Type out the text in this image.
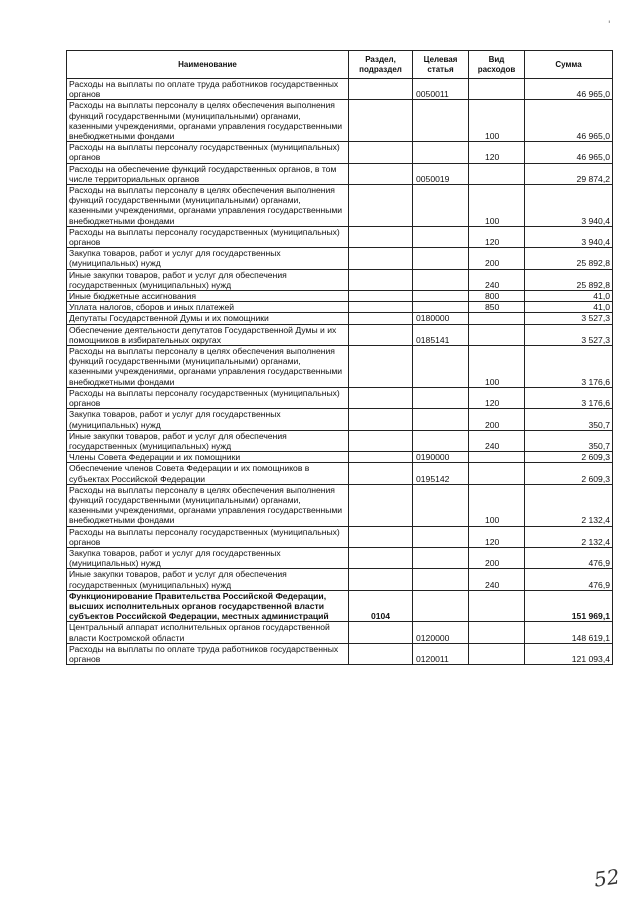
Наименование	Раздел, подраздел	Целевая статья	Вид расходов	Сумма
Расходы на выплаты по оплате труда работников государственных органов		0050011		46 965,0
Расходы на выплаты персоналу в целях обеспечения выполнения функций государственными (муниципальными) органами, казенными учреждениями, органами управления государственными внебюджетными фондами			100	46 965,0
Расходы на выплаты персоналу государственных (муниципальных) органов			120	46 965,0
Расходы на обеспечение функций государственных органов, в том числе территориальных органов		0050019		29 874,2
Расходы на выплаты персоналу в целях обеспечения выполнения функций государственными (муниципальными) органами, казенными учреждениями, органами управления государственными внебюджетными фондами			100	3 940,4
Расходы на выплаты персоналу государственных (муниципальных) органов			120	3 940,4
Закупка товаров, работ и услуг для государственных (муниципальных) нужд			200	25 892,8
Иные закупки товаров, работ и услуг для обеспечения государственных (муниципальных) нужд			240	25 892,8
Иные бюджетные ассигнования			800	41,0
Уплата налогов, сборов и иных платежей			850	41,0
Депутаты Государственной Думы и их помощники		0180000		3 527,3
Обеспечение деятельности депутатов Государственной Думы и их помощников в избирательных округах		0185141		3 527,3
Расходы на выплаты персоналу в целях обеспечения выполнения функций государственными (муниципальными) органами, казенными учреждениями, органами управления государственными внебюджетными фондами			100	3 176,6
Расходы на выплаты персоналу государственных (муниципальных) органов			120	3 176,6
Закупка товаров, работ и услуг для государственных (муниципальных) нужд			200	350,7
Иные закупки товаров, работ и услуг для обеспечения государственных (муниципальных) нужд			240	350,7
Члены Совета Федерации и их помощники		0190000		2 609,3
Обеспечение членов Совета Федерации и их помощников в субъектах Российской Федерации		0195142		2 609,3
Расходы на выплаты персоналу в целях обеспечения выполнения функций государственными (муниципальными) органами, казенными учреждениями, органами управления государственными внебюджетными фондами			100	2 132,4
Расходы на выплаты персоналу государственных (муниципальных) органов			120	2 132,4
Закупка товаров, работ и услуг для государственных (муниципальных) нужд			200	476,9
Иные закупки товаров, работ и услуг для обеспечения государственных (муниципальных) нужд			240	476,9
Функционирование Правительства Российской Федерации, высших исполнительных органов государственной власти субъектов Российской Федерации, местных администраций	0104			151 969,1
Центральный аппарат исполнительных органов государственной власти Костромской области		0120000		148 619,1
Расходы на выплаты по оплате труда работников государственных органов		0120011		121 093,4
'
52
